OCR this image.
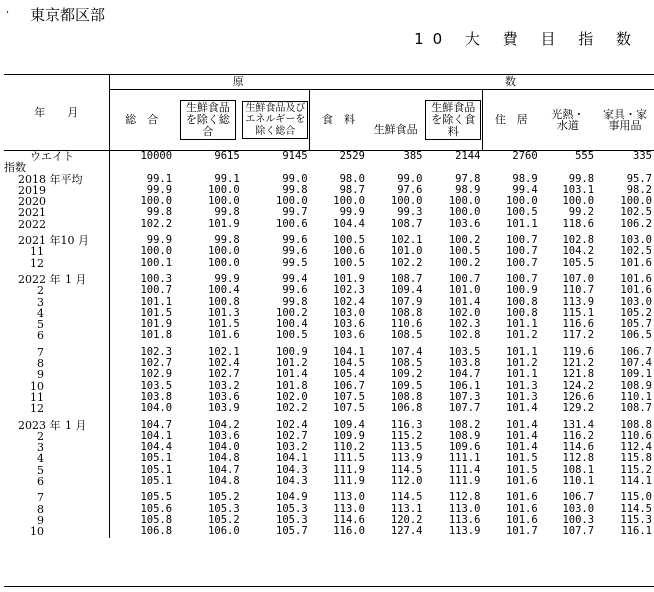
، 東京都区部
10 大 費 目 指 数
年　　月	原				数				
	総　合	生鮮食品を除く総合	生鮮食品及びエネルギーを除く総合	食　料	生鮮食品	生鮮食品を除く食料	住　居	光熱・水道	家具・家事用品
ウエイト	10000	9615	9145	2529	385	2144	2760	555	335
指数									
2018 年平均	99.1	99.1	99.0	98.0	99.0	97.8	98.9	99.8	95.7
2019	99.9	100.0	99.8	98.7	97.6	98.9	99.4	103.1	98.2
2020	100.0	100.0	100.0	100.0	100.0	100.0	100.0	100.0	100.0
2021	99.8	99.8	99.7	99.9	99.3	100.0	100.5	99.2	102.5
2022	102.2	101.9	100.6	104.4	108.7	103.6	101.1	118.6	106.2

2021 年10 月	99.9	99.8	99.6	100.5	102.1	100.2	100.7	102.8	103.0
11	100.0	100.0	99.6	100.6	101.0	100.5	100.7	104.2	102.5
12	100.1	100.0	99.5	100.5	102.2	100.2	100.7	105.5	101.6

2022 年 1 月	100.3	99.9	99.4	101.9	108.7	100.7	100.7	107.0	101.6
2	100.7	100.4	99.6	102.3	109.4	101.0	100.9	110.7	101.6
3	101.1	100.8	99.8	102.4	107.9	101.4	100.8	113.9	103.0
4	101.5	101.3	100.2	103.0	108.8	102.0	100.8	115.1	105.2
5	101.9	101.5	100.4	103.6	110.6	102.3	101.1	116.6	105.7
6	101.8	101.6	100.5	103.6	108.5	102.8	101.2	117.2	106.5

7	102.3	102.1	100.9	104.1	107.4	103.5	101.1	119.6	106.7
8	102.7	102.4	101.2	104.5	108.5	103.8	101.2	121.2	107.4
9	102.9	102.7	101.4	105.4	109.2	104.7	101.1	121.8	109.1
10	103.5	103.2	101.8	106.7	109.5	106.1	101.3	124.2	108.9
11	103.8	103.6	102.0	107.5	108.8	107.3	101.3	126.6	110.1
12	104.0	103.9	102.2	107.5	106.8	107.7	101.4	129.2	108.7

2023 年 1 月	104.7	104.2	102.4	109.4	116.3	108.2	101.4	131.4	108.8
2	104.1	103.6	102.7	109.9	115.2	108.9	101.4	116.2	110.6
3	104.4	104.0	103.2	110.2	113.5	109.6	101.4	114.6	112.4
4	105.1	104.8	104.1	111.5	113.9	111.1	101.5	112.8	115.8
5	105.1	104.7	104.3	111.9	114.5	111.4	101.5	108.1	115.2
6	105.1	104.8	104.3	111.9	112.0	111.9	101.6	110.1	114.1

7	105.5	105.2	104.9	113.0	114.5	112.8	101.6	106.7	115.0
8	105.6	105.3	105.3	113.0	113.1	113.0	101.6	103.0	114.5
9	105.8	105.2	105.3	114.6	120.2	113.6	101.6	100.3	115.3
10	106.8	106.0	105.7	116.0	127.4	113.9	101.7	107.7	116.1
